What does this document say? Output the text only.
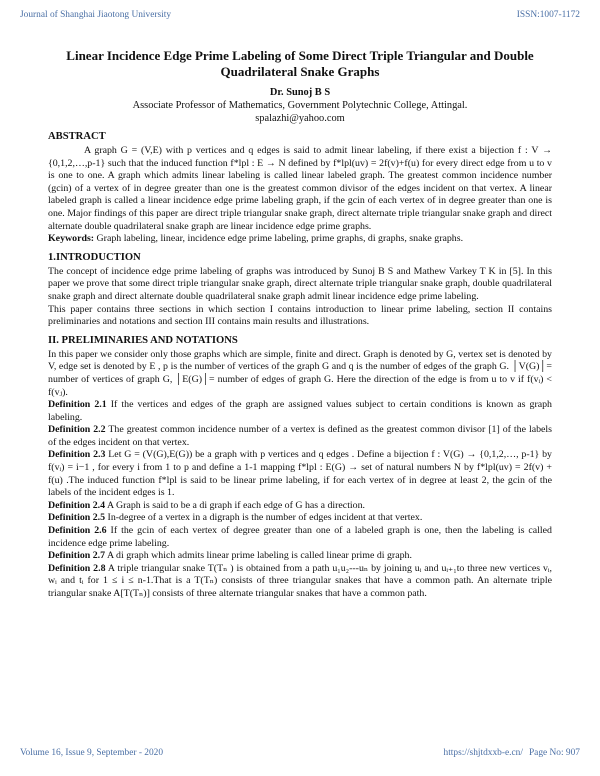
Journal of Shanghai Jiaotong University	ISSN:1007-1172
Linear Incidence Edge Prime Labeling of Some Direct Triple Triangular and Double Quadrilateral Snake Graphs
Dr. Sunoj B S
Associate Professor of Mathematics, Government Polytechnic College, Attingal.
spalazhi@yahoo.com
ABSTRACT

A graph G = (V,E) with p vertices and q edges is said to admit linear labeling, if there exist a bijection f : V → {0,1,2,…,p-1} such that the induced function f*lpl : E → N defined by f*lpl(uv) = 2f(v)+f(u) for every direct edge from u to v is one to one. A graph which admits linear labeling is called linear labeled graph. The greatest common incidence number (gcin) of a vertex of in degree greater than one is the greatest common divisor of the edges incident on that vertex. A linear labeled graph is called a linear incidence edge prime labeling graph, if the gcin of each vertex of in degree greater than one is one. Major findings of this paper are direct triple triangular snake graph, direct alternate triple triangular snake graph and direct alternate double quadrilateral snake graph are linear incidence edge prime graphs.

Keywords: Graph labeling, linear, incidence edge prime labeling, prime graphs, di graphs, snake graphs.

1.INTRODUCTION

The concept of incidence edge prime labeling of graphs was introduced by Sunoj B S and Mathew Varkey T K in [5]. In this paper we prove that some direct triple triangular snake graph, direct alternate triple triangular snake graph, double quadrilateral snake graph and direct alternate double quadrilateral snake graph admit linear incidence edge prime labeling.

This paper contains three sections in which section I contains introduction to linear prime labeling, section II contains preliminaries and notations and section III contains main results and illustrations.

II. PRELIMINARIES AND NOTATIONS

In this paper we consider only those graphs which are simple, finite and direct. Graph is denoted by G, vertex set is denoted by V, edge set is denoted by E , p is the number of vertices of the graph G and q is the number of edges of the graph G. │V(G)│= number of vertices of graph G, │E(G)│= number of edges of graph G. Here the direction of the edge is from u to v if f(vᵢ) < f(vⱼ).

Definition 2.1 If the vertices and edges of the graph are assigned values subject to certain conditions is known as graph labeling.

Definition 2.2 The greatest common incidence number of a vertex is defined as the greatest common divisor [1] of the labels of the edges incident on that vertex.

Definition 2.3 Let G = (V(G),E(G)) be a graph with p vertices and q edges . Define a bijection f : V(G) → {0,1,2,…, p-1} by f(vᵢ) = i−1 , for every i from 1 to p and define a 1-1 mapping f*lpl : E(G) → set of natural numbers N by f*lpl(uv) = 2f(v) + f(u) .The induced function f*lpl is said to be linear prime labeling, if for each vertex of in degree at least 2, the gcin of the labels of the incident edges is 1.

Definition 2.4 A Graph is said to be a di graph if each edge of G has a direction.

Definition 2.5 In-degree of a vertex in a digraph is the number of edges incident at that vertex.

Definition 2.6 If the gcin of each vertex of degree greater than one of a labeled graph is one, then the labeling is called incidence edge prime labeling.

Definition 2.7 A di graph which admits linear prime labeling is called linear prime di graph.

Definition 2.8 A triple triangular snake T(Tₙ ) is obtained from a path u₁u₂---uₙ by joining uᵢ and uᵢ₊₁to three new vertices vᵢ, wᵢ and tᵢ for 1 ≤ i ≤ n-1.That is a T(Tₙ) consists of three triangular snakes that have a common path. An alternate triple triangular snake A[T(Tₙ)] consists of three alternate triangular snakes that have a common path.

Volume 16, Issue 9, September - 2020	https://shjtdxxb-e.cn/ Page No: 907
